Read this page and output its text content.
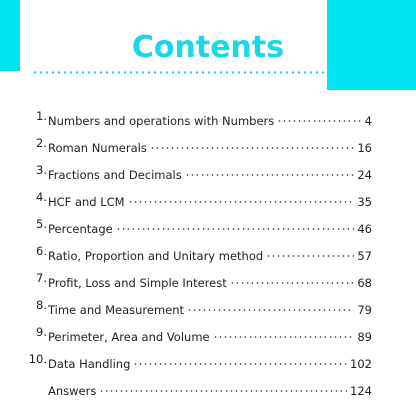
Contents
1. Numbers and operations with Numbers	4
2. Roman Numerals	16
3. Fractions and Decimals	24
4. HCF and LCM	35
5. Percentage	46
6. Ratio, Proportion and Unitary method	57
7. Profit, Loss and Simple Interest	68
8. Time and Measurement	79
9. Perimeter, Area and Volume	89
10. Data Handling	102
Answers	124
